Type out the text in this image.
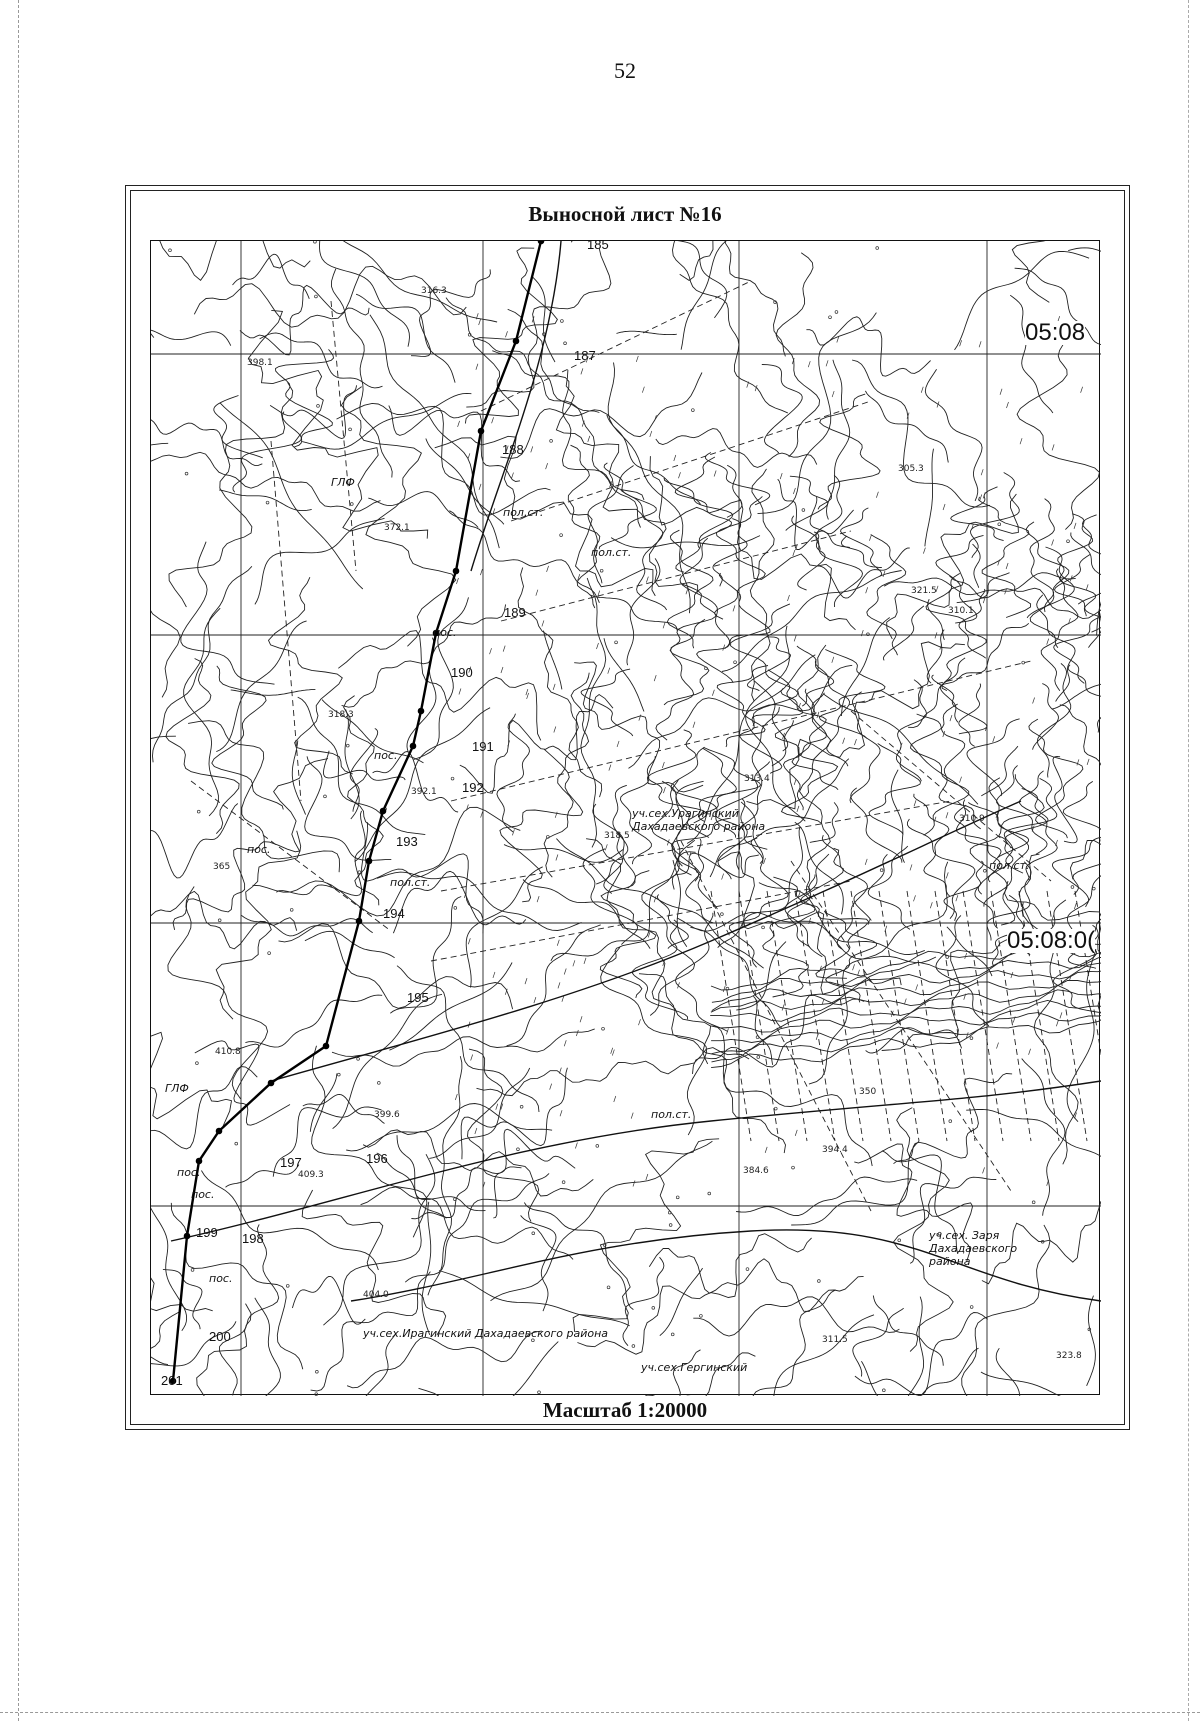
52
Выносной лист №16
05:08
05:08:0(
185
187
188
189
190
191
192
193
194
195
196
197
198
199
200
201
уч.сех.Урагинский Дахадаевского района
уч.сех. Заря Дахадаевского района
уч.сех.Ирагинский Дахадаевского района
уч.сех.Гергинский
ГЛФ
ГЛФ
пол.ст.
пол.ст.
пол.ст.
пол.ст.
пол.ст.
пос.
пос.
пос.
пос.
пос.
пос.
316.3
398.1
372.1
318.3
392.1
365
410.8
399.6
409.3
404.0
318.5
313.4
310.9
321.5
311.5
350
394.4
384.6
305.3
310.1
323.8
Масштаб 1:20000
